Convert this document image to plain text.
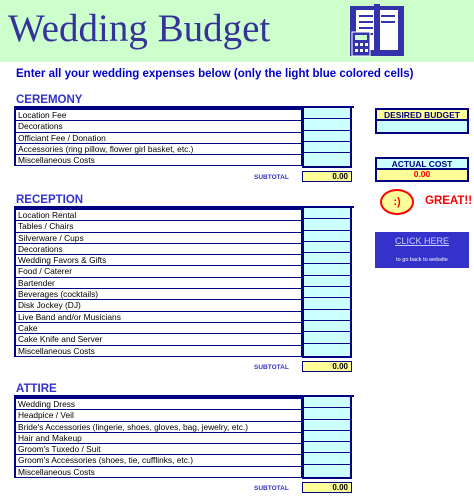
Wedding Budget
Enter all your wedding expenses below (only the light blue colored cells)
CEREMONY
Location Fee
Decorations
Officiant Fee / Donation
Accessories (ring pillow, flower girl basket, etc.)
Miscellaneous Costs
SUBTOTAL	0.00
RECEPTION
Location Rental
Tables / Chairs
Silverware / Cups
Decorations
Wedding Favors & Gifts
Food / Caterer
Bartender
Beverages (cocktails)
Disk Jockey (DJ)
Live Band and/or Musicians
Cake
Cake Knife and Server
Miscellaneous Costs
SUBTOTAL	0.00
ATTIRE
Wedding Dress
Headpice / Veil
Bride's Accessories (lingerie, shoes, gloves, bag, jewelry, etc.)
Hair and Makeup
Groom's Tuxedo / Suit
Groom's Accessories (shoes, tie, cufflinks, etc.)
Miscellaneous Costs
SUBTOTAL	0.00
DESIRED BUDGET
ACTUAL COST
0.00
:)	GREAT!!
CLICK HERE
to go back to website
